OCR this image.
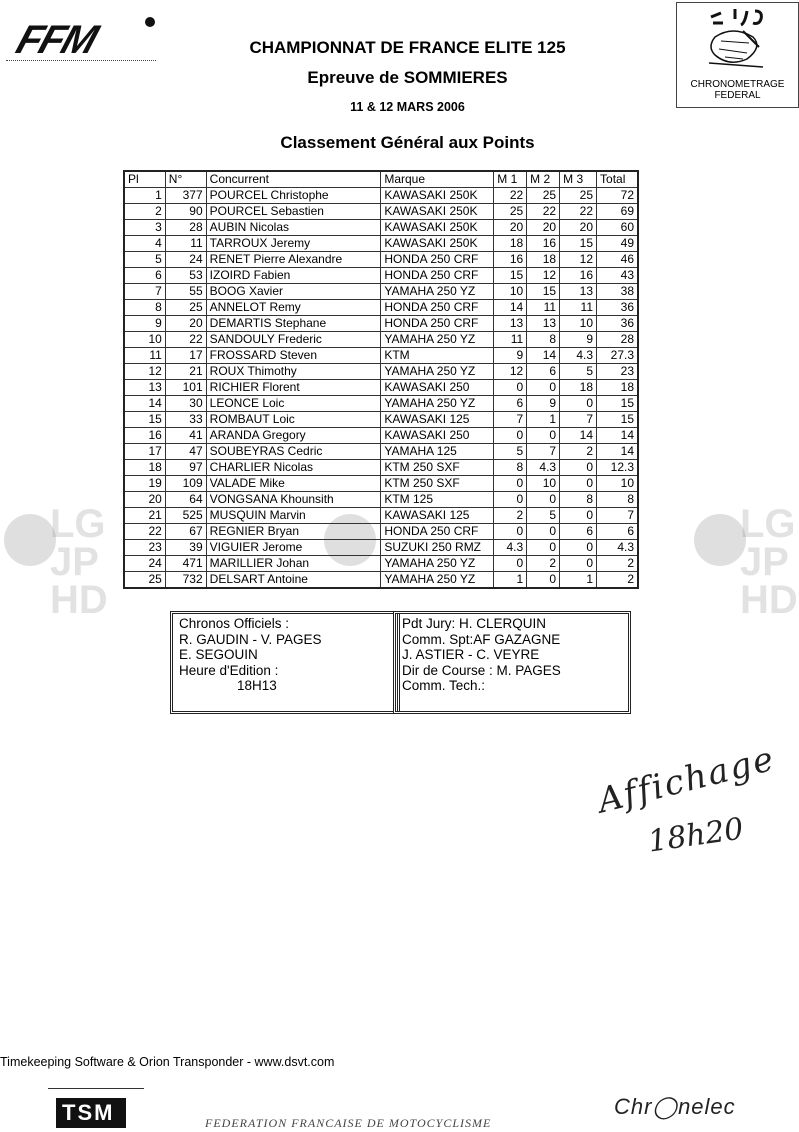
FFM	CHAMPIONNAT DE FRANCE ELITE 125
Epreuve de SOMMIERES
11 & 12 MARS 2006
Classement Général aux Points
CHRONOMETRAGE
FEDERAL
LG JP HD
LG JP HD
Pl	N°	Concurrent	Marque	M 1	M 2	M 3	Total
1	377	POURCEL Christophe	KAWASAKI 250K	22	25	25	72
2	90	POURCEL Sebastien	KAWASAKI 250K	25	22	22	69
3	28	AUBIN Nicolas	KAWASAKI 250K	20	20	20	60
4	11	TARROUX Jeremy	KAWASAKI 250K	18	16	15	49
5	24	RENET Pierre Alexandre	HONDA 250 CRF	16	18	12	46
6	53	IZOIRD Fabien	HONDA 250 CRF	15	12	16	43
7	55	BOOG Xavier	YAMAHA 250 YZ	10	15	13	38
8	25	ANNELOT Remy	HONDA 250 CRF	14	11	11	36
9	20	DEMARTIS Stephane	HONDA 250 CRF	13	13	10	36
10	22	SANDOULY Frederic	YAMAHA 250 YZ	11	8	9	28
11	17	FROSSARD Steven	KTM	9	14	4.3	27.3
12	21	ROUX Thimothy	YAMAHA 250 YZ	12	6	5	23
13	101	RICHIER Florent	KAWASAKI 250	0	0	18	18
14	30	LEONCE Loic	YAMAHA 250 YZ	6	9	0	15
15	33	ROMBAUT Loic	KAWASAKI 125	7	1	7	15
16	41	ARANDA Gregory	KAWASAKI 250	0	0	14	14
17	47	SOUBEYRAS Cedric	YAMAHA 125	5	7	2	14
18	97	CHARLIER Nicolas	KTM 250 SXF	8	4.3	0	12.3
19	109	VALADE Mike	KTM 250 SXF	0	10	0	10
20	64	VONGSANA Khounsith	KTM 125	0	0	8	8
21	525	MUSQUIN Marvin	KAWASAKI 125	2	5	0	7
22	67	REGNIER Bryan	HONDA 250 CRF	0	0	6	6
23	39	VIGUIER Jerome	SUZUKI 250 RMZ	4.3	0	0	4.3
24	471	MARILLIER Johan	YAMAHA 250 YZ	0	2	0	2
25	732	DELSART Antoine	YAMAHA 250 YZ	1	0	1	2
Chronos Officiels :
R. GAUDIN - V. PAGES
E. SEGOUIN
Heure d'Edition :
18H13
Pdt Jury: H. CLERQUIN
Comm. Spt:AF GAZAGNE
J. ASTIER - C. VEYRE
Dir de Course : M. PAGES
Comm. Tech.:
Affichage
18h20
Timekeeping Software & Orion Transponder - www.dsvt.com
TSM	FEDERATION FRANCAISE DE MOTOCYCLISME
Chr◯nelec
